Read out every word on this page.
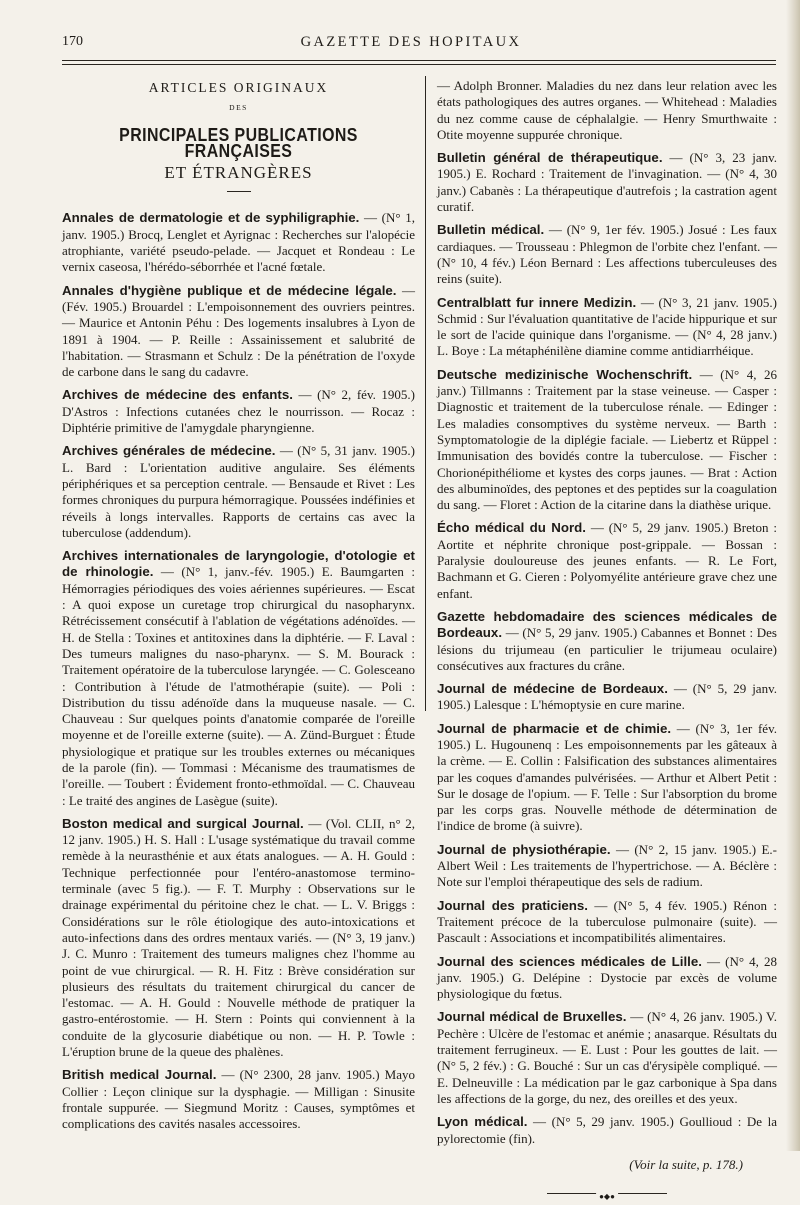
170	GAZETTE DES HOPITAUX
ARTICLES ORIGINAUX
DES
PRINCIPALES PUBLICATIONS FRANÇAISES
ET ÉTRANGÈRES

Annales de dermatologie et de syphiligraphie. — (N° 1, janv. 1905.) Brocq, Lenglet et Ayrignac : Recherches sur l'alopécie atrophiante, variété pseudo-pelade. — Jacquet et Rondeau : Le vernix caseosa, l'hérédo-séborrhée et l'acné fœtale.

Annales d'hygiène publique et de médecine légale. — (Fév. 1905.) Brouardel : L'empoisonnement des ouvriers peintres. — Maurice et Antonin Péhu : Des logements insalubres à Lyon de 1891 à 1904. — P. Reille : Assainissement et salubrité de l'habitation. — Strasmann et Schulz : De la pénétration de l'oxyde de carbone dans le sang du cadavre.

Archives de médecine des enfants. — (N° 2, fév. 1905.) D'Astros : Infections cutanées chez le nourrisson. — Rocaz : Diphtérie primitive de l'amygdale pharyngienne.

Archives générales de médecine. — (N° 5, 31 janv. 1905.) L. Bard : L'orientation auditive angulaire. Ses éléments périphériques et sa perception centrale. — Bensaude et Rivet : Les formes chroniques du purpura hémorragique. Poussées indéfinies et réveils à longs intervalles. Rapports de certains cas avec la tuberculose (addendum).

Archives internationales de laryngologie, d'otologie et de rhinologie. — (N° 1, janv.-fév. 1905.) E. Baumgarten : Hémorragies périodiques des voies aériennes supérieures. — Escat : A quoi expose un curetage trop chirurgical du nasopharynx. Rétrécissement consécutif à l'ablation de végétations adénoïdes. — H. de Stella : Toxines et antitoxines dans la diphtérie. — F. Laval : Des tumeurs malignes du naso-pharynx. — S. M. Bourack : Traitement opératoire de la tuberculose laryngée. — C. Golesceano : Contribution à l'étude de l'atmothérapie (suite). — Poli : Distribution du tissu adénoïde dans la muqueuse nasale. — C. Chauveau : Sur quelques points d'anatomie comparée de l'oreille moyenne et de l'oreille externe (suite). — A. Zünd-Burguet : Étude physiologique et pratique sur les troubles externes ou mécaniques de la parole (fin). — Tommasi : Mécanisme des traumatismes de l'oreille. — Toubert : Évidement fronto-ethmoïdal. — C. Chauveau : Le traité des angines de Lasègue (suite).

Boston medical and surgical Journal. — (Vol. CLII, n° 2, 12 janv. 1905.) H. S. Hall : L'usage systématique du travail comme remède à la neurasthénie et aux états analogues. — A. H. Gould : Technique perfectionnée pour l'entéro-anastomose termino-terminale (avec 5 fig.). — F. T. Murphy : Observations sur le drainage expérimental du péritoine chez le chat. — L. V. Briggs : Considérations sur le rôle étiologique des auto-intoxications et auto-infections dans des ordres mentaux variés. — (N° 3, 19 janv.) J. C. Munro : Traitement des tumeurs malignes chez l'homme au point de vue chirurgical. — R. H. Fitz : Brève considération sur plusieurs des résultats du traitement chirurgical du cancer de l'estomac. — A. H. Gould : Nouvelle méthode de pratiquer la gastro-entérostomie. — H. Stern : Points qui conviennent à la conduite de la glycosurie diabétique ou non. — H. P. Towle : L'éruption brune de la queue des phalènes.

British medical Journal. — (N° 2300, 28 janv. 1905.) Mayo Collier : Leçon clinique sur la dysphagie. — Milligan : Sinusite frontale suppurée. — Siegmund Moritz : Causes, symptômes et complications des cavités nasales accessoires.

— Adolph Bronner. Maladies du nez dans leur relation avec les états pathologiques des autres organes. — Whitehead : Maladies du nez comme cause de céphalalgie. — Henry Smurthwaite : Otite moyenne suppurée chronique.

Bulletin général de thérapeutique. — (N° 3, 23 janv. 1905.) E. Rochard : Traitement de l'invagination. — (N° 4, 30 janv.) Cabanès : La thérapeutique d'autrefois ; la castration agent curatif.

Bulletin médical. — (N° 9, 1er fév. 1905.) Josué : Les faux cardiaques. — Trousseau : Phlegmon de l'orbite chez l'enfant. — (N° 10, 4 fév.) Léon Bernard : Les affections tuberculeuses des reins (suite).

Centralblatt fur innere Medizin. — (N° 3, 21 janv. 1905.) Schmid : Sur l'évaluation quantitative de l'acide hippurique et sur le sort de l'acide quinique dans l'organisme. — (N° 4, 28 janv.) L. Boye : La métaphénilène diamine comme antidiarrhéique.

Deutsche medizinische Wochenschrift. — (N° 4, 26 janv.) Tillmanns : Traitement par la stase veineuse. — Casper : Diagnostic et traitement de la tuberculose rénale. — Edinger : Les maladies consomptives du système nerveux. — Barth : Symptomatologie de la diplégie faciale. — Liebertz et Rüppel : Immunisation des bovidés contre la tuberculose. — Fischer : Chorionépithéliome et kystes des corps jaunes. — Brat : Action des albuminoïdes, des peptones et des peptides sur la coagulation du sang. — Floret : Action de la citarine dans la diathèse urique.

Écho médical du Nord. — (N° 5, 29 janv. 1905.) Breton : Aortite et néphrite chronique post-grippale. — Bossan : Paralysie douloureuse des jeunes enfants. — R. Le Fort, Bachmann et G. Cieren : Polyomyélite antérieure grave chez une enfant.

Gazette hebdomadaire des sciences médicales de Bordeaux. — (N° 5, 29 janv. 1905.) Cabannes et Bonnet : Des lésions du trijumeau (en particulier le trijumeau oculaire) consécutives aux fractures du crâne.

Journal de médecine de Bordeaux. — (N° 5, 29 janv. 1905.) Lalesque : L'hémoptysie en cure marine.

Journal de pharmacie et de chimie. — (N° 3, 1er fév. 1905.) L. Hugounenq : Les empoisonnements par les gâteaux à la crème. — E. Collin : Falsification des substances alimentaires par les coques d'amandes pulvérisées. — Arthur et Albert Petit : Sur le dosage de l'opium. — F. Telle : Sur l'absorption du brome par les corps gras. Nouvelle méthode de détermination de l'indice de brome (à suivre).

Journal de physiothérapie. — (N° 2, 15 janv. 1905.) E.-Albert Weil : Les traitements de l'hypertrichose. — A. Béclère : Note sur l'emploi thérapeutique des sels de radium.

Journal des praticiens. — (N° 5, 4 fév. 1905.) Rénon : Traitement précoce de la tuberculose pulmonaire (suite). — Pascault : Associations et incompatibilités alimentaires.

Journal des sciences médicales de Lille. — (N° 4, 28 janv. 1905.) G. Delépine : Dystocie par excès de volume physiologique du fœtus.

Journal médical de Bruxelles. — (N° 4, 26 janv. 1905.) V. Pechère : Ulcère de l'estomac et anémie ; anasarque. Résultats du traitement ferrugineux. — E. Lust : Pour les gouttes de lait. — (N° 5, 2 fév.) : G. Bouché : Sur un cas d'érysipèle compliqué. — E. Delneuville : La médication par le gaz carbonique à Spa dans les affections de la gorge, du nez, des oreilles et des yeux.

Lyon médical. — (N° 5, 29 janv. 1905.) Goullioud : De la pylorectomie (fin).

(Voir la suite, p. 178.)
●◆●
